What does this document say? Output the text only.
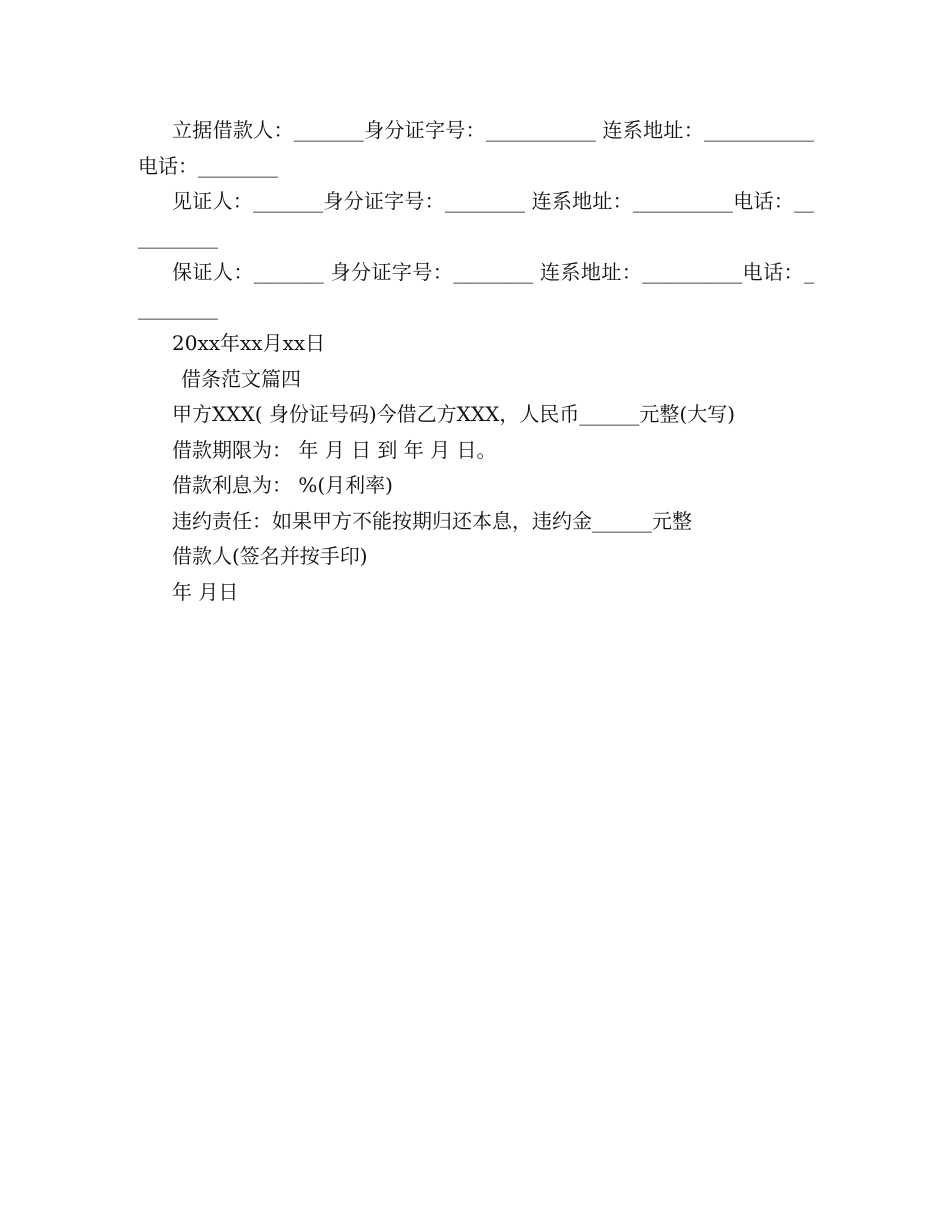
立据借款人：_______身分证字号：___________ 连系地址：___________电话：________

见证人：_______身分证字号：________ 连系地址：__________电话：__________

保证人：_______ 身分证字号：________ 连系地址：__________电话：_________

20xx年xx月xx日

借条范文篇四

甲方XXX( 身份证号码)今借乙方XXX，人民币______元整(大写)

借款期限为： 年 月 日 到 年 月 日。

借款利息为： %(月利率)

违约责任：如果甲方不能按期归还本息，违约金______元整

借款人(签名并按手印)

年 月日
